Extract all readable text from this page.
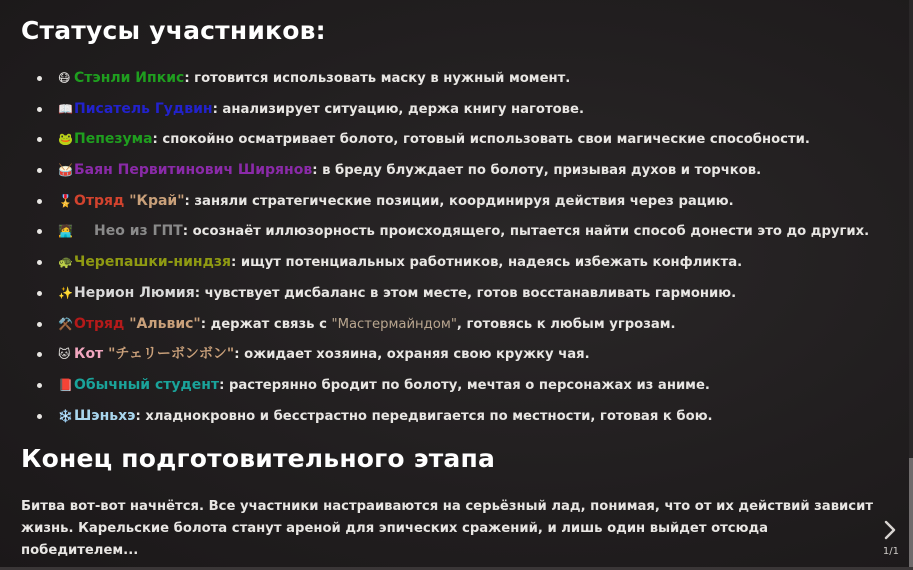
Статусы участников:
😷 Стэнли Ипкис: готовится использовать маску в нужный момент.
📖Писатель Гудвин: анализирует ситуацию, держа книгу наготове.
🐸Пепезума: спокойно осматривает болото, готовый использовать свои магические способности.
🥁Баян Первитинович Ширянов: в бреду блуждает по болоту, призывая духов и торчков.
🎖️Отряд "Край": заняли стратегические позиции, координируя действия через рацию.
🧑‍💻 Нео из ГПТ: осознаёт иллюзорность происходящего, пытается найти способ донести это до других.
🐢Черепашки-ниндзя: ищут потенциальных работников, надеясь избежать конфликта.
✨Нерион Люмия: чувствует дисбаланс в этом месте, готов восстанавливать гармонию.
⚒️Отряд "Альвис": держат связь с "Мастермайндом", готовясь к любым угрозам.
🐱 Кот "チェリーボンボン": ожидает хозяина, охраняя свою кружку чая.
📕Обычный студент: растерянно бродит по болоту, мечтая о персонажах из аниме.
❄️Шэньхэ: хладнокровно и бесстрастно передвигается по местности, готовая к бою.
Конец подготовительного этапа

Битва вот-вот начнётся. Все участники настраиваются на серьёзный лад, понимая, что от их действий зависит жизнь. Карельские болота станут ареной для эпических сражений, и лишь один выйдет отсюда победителем...	1/1
